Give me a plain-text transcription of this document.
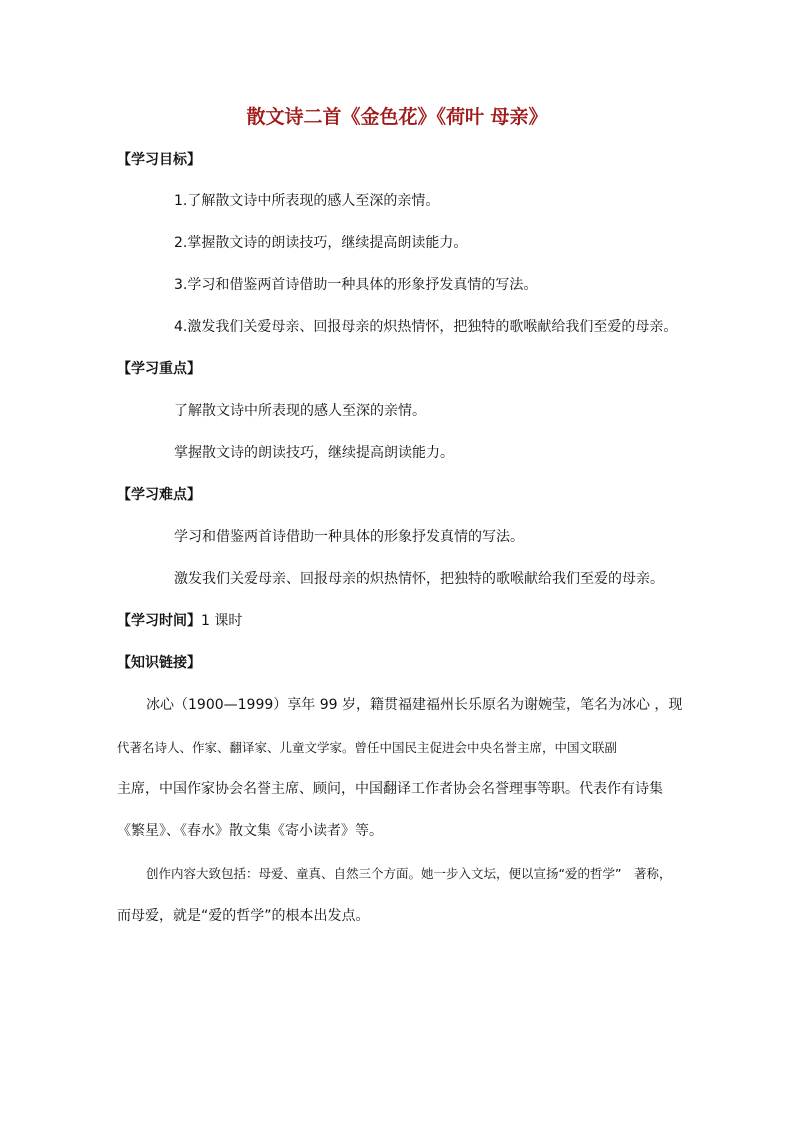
散文诗二首《金色花》《荷叶 母亲》
【学习目标】
1.了解散文诗中所表现的感人至深的亲情。
2.掌握散文诗的朗读技巧，继续提高朗读能力。
3.学习和借鉴两首诗借助一种具体的形象抒发真情的写法。
4.激发我们关爱母亲、回报母亲的炽热情怀，把独特的歌喉献给我们至爱的母亲。
【学习重点】
了解散文诗中所表现的感人至深的亲情。
掌握散文诗的朗读技巧，继续提高朗读能力。
【学习难点】
学习和借鉴两首诗借助一种具体的形象抒发真情的写法。
激发我们关爱母亲、回报母亲的炽热情怀，把独特的歌喉献给我们至爱的母亲。
【学习时间】1 课时
【知识链接】
冰心（1900—1999）享年 99 岁，籍贯福建福州长乐原名为谢婉莹，笔名为冰心 ，现
代著名诗人、作家、翻译家、儿童文学家。曾任中国民主促进会中央名誉主席，中国文联副
主席，中国作家协会名誉主席、顾问，中国翻译工作者协会名誉理事等职。代表作有诗集
《繁星》、《春水》散文集《寄小读者》等。
创作内容大致包括：母爱、童真、自然三个方面。她一步入文坛，便以宣扬“爱的哲学”　著称，
而母爱，就是“爱的哲学”的根本出发点。
